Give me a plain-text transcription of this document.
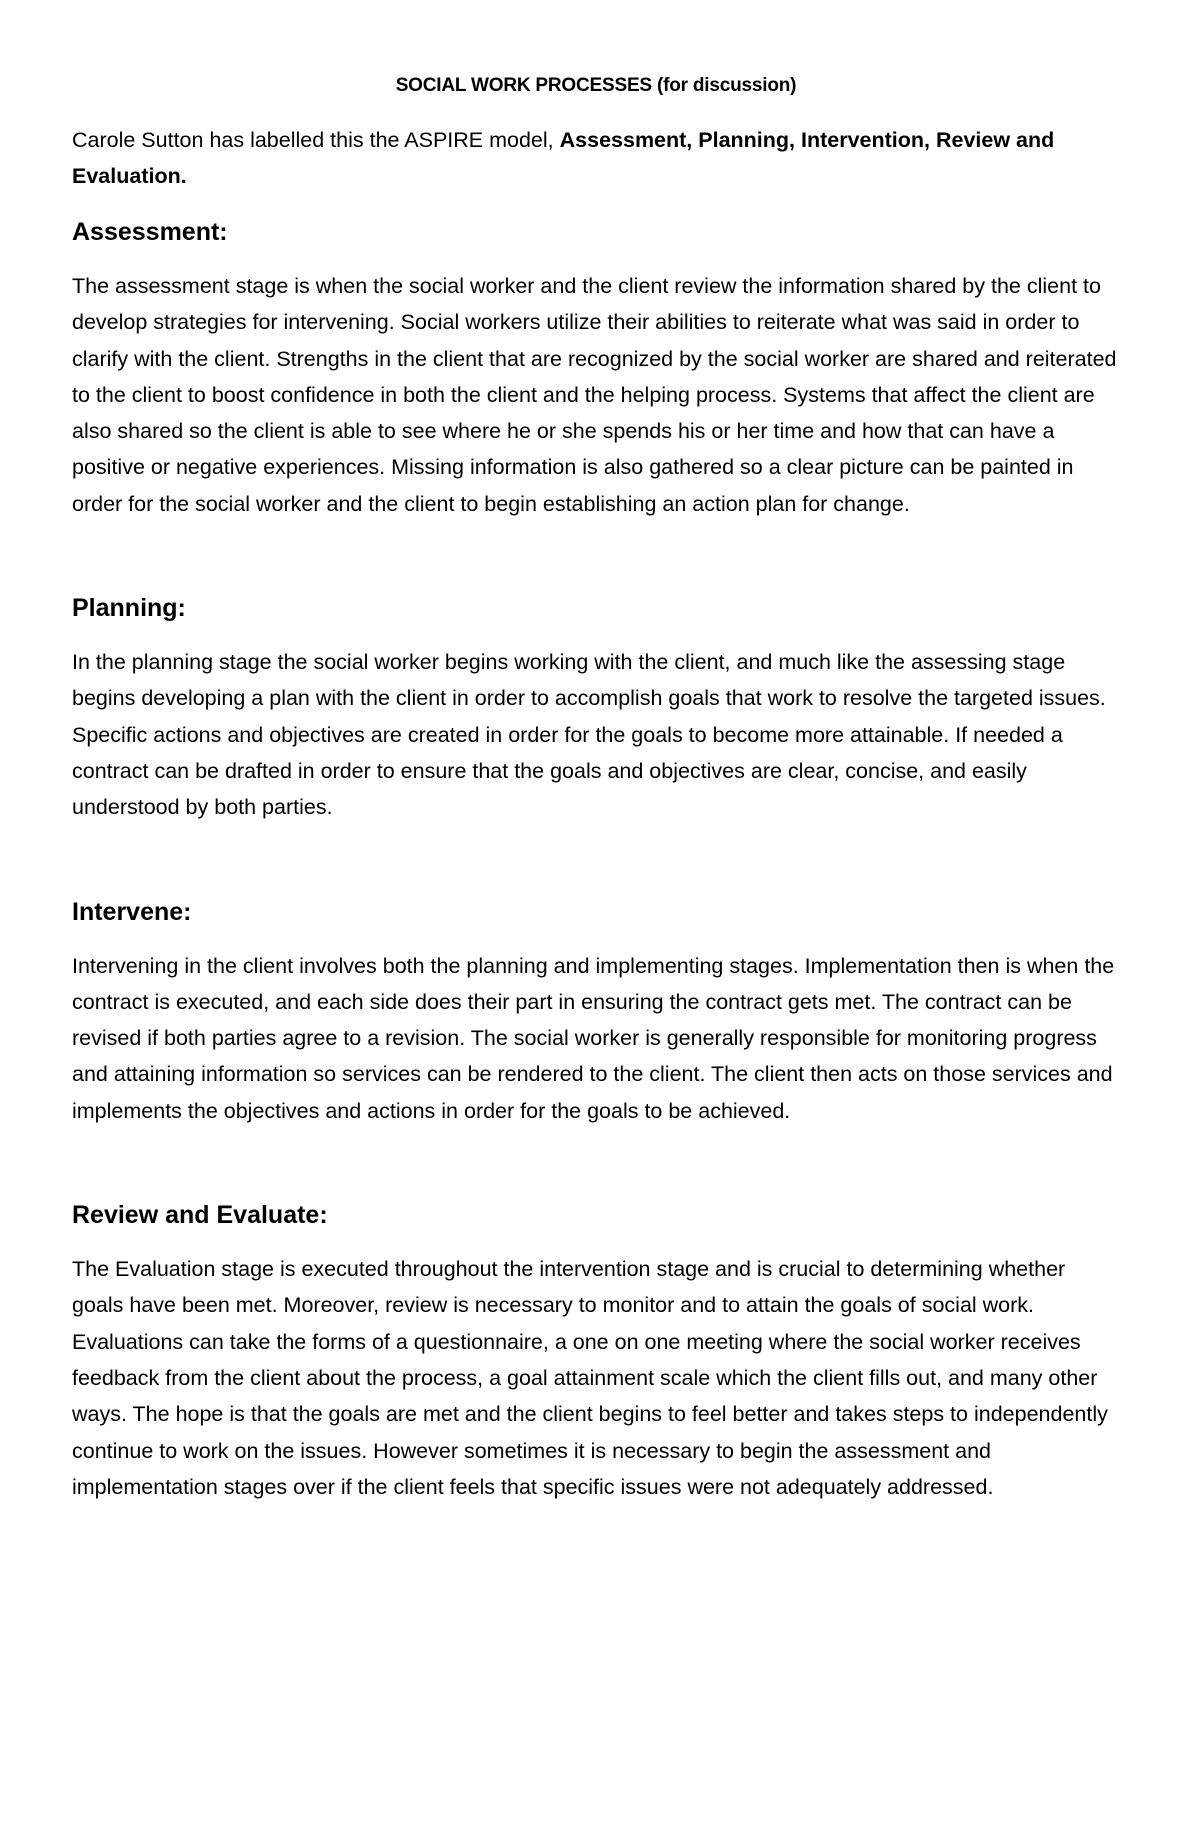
SOCIAL WORK PROCESSES (for discussion)

Carole Sutton has labelled this the ASPIRE model, Assessment, Planning, Intervention, Review and Evaluation.

Assessment:

The assessment stage is when the social worker and the client review the information shared by the client to develop strategies for intervening. Social workers utilize their abilities to reiterate what was said in order to clarify with the client. Strengths in the client that are recognized by the social worker are shared and reiterated to the client to boost confidence in both the client and the helping process. Systems that affect the client are also shared so the client is able to see where he or she spends his or her time and how that can have a positive or negative experiences. Missing information is also gathered so a clear picture can be painted in order for the social worker and the client to begin establishing an action plan for change.

Planning:

In the planning stage the social worker begins working with the client, and much like the assessing stage begins developing a plan with the client in order to accomplish goals that work to resolve the targeted issues. Specific actions and objectives are created in order for the goals to become more attainable. If needed a contract can be drafted in order to ensure that the goals and objectives are clear, concise, and easily understood by both parties.

Intervene:

Intervening in the client involves both the planning and implementing stages. Implementation then is when the contract is executed, and each side does their part in ensuring the contract gets met. The contract can be revised if both parties agree to a revision. The social worker is generally responsible for monitoring progress and attaining information so services can be rendered to the client. The client then acts on those services and implements the objectives and actions in order for the goals to be achieved.

Review and Evaluate:

The Evaluation stage is executed throughout the intervention stage and is crucial to determining whether goals have been met. Moreover, review is necessary to monitor and to attain the goals of social work. Evaluations can take the forms of a questionnaire, a one on one meeting where the social worker receives feedback from the client about the process, a goal attainment scale which the client fills out, and many other ways. The hope is that the goals are met and the client begins to feel better and takes steps to independently continue to work on the issues. However sometimes it is necessary to begin the assessment and implementation stages over if the client feels that specific issues were not adequately addressed.
